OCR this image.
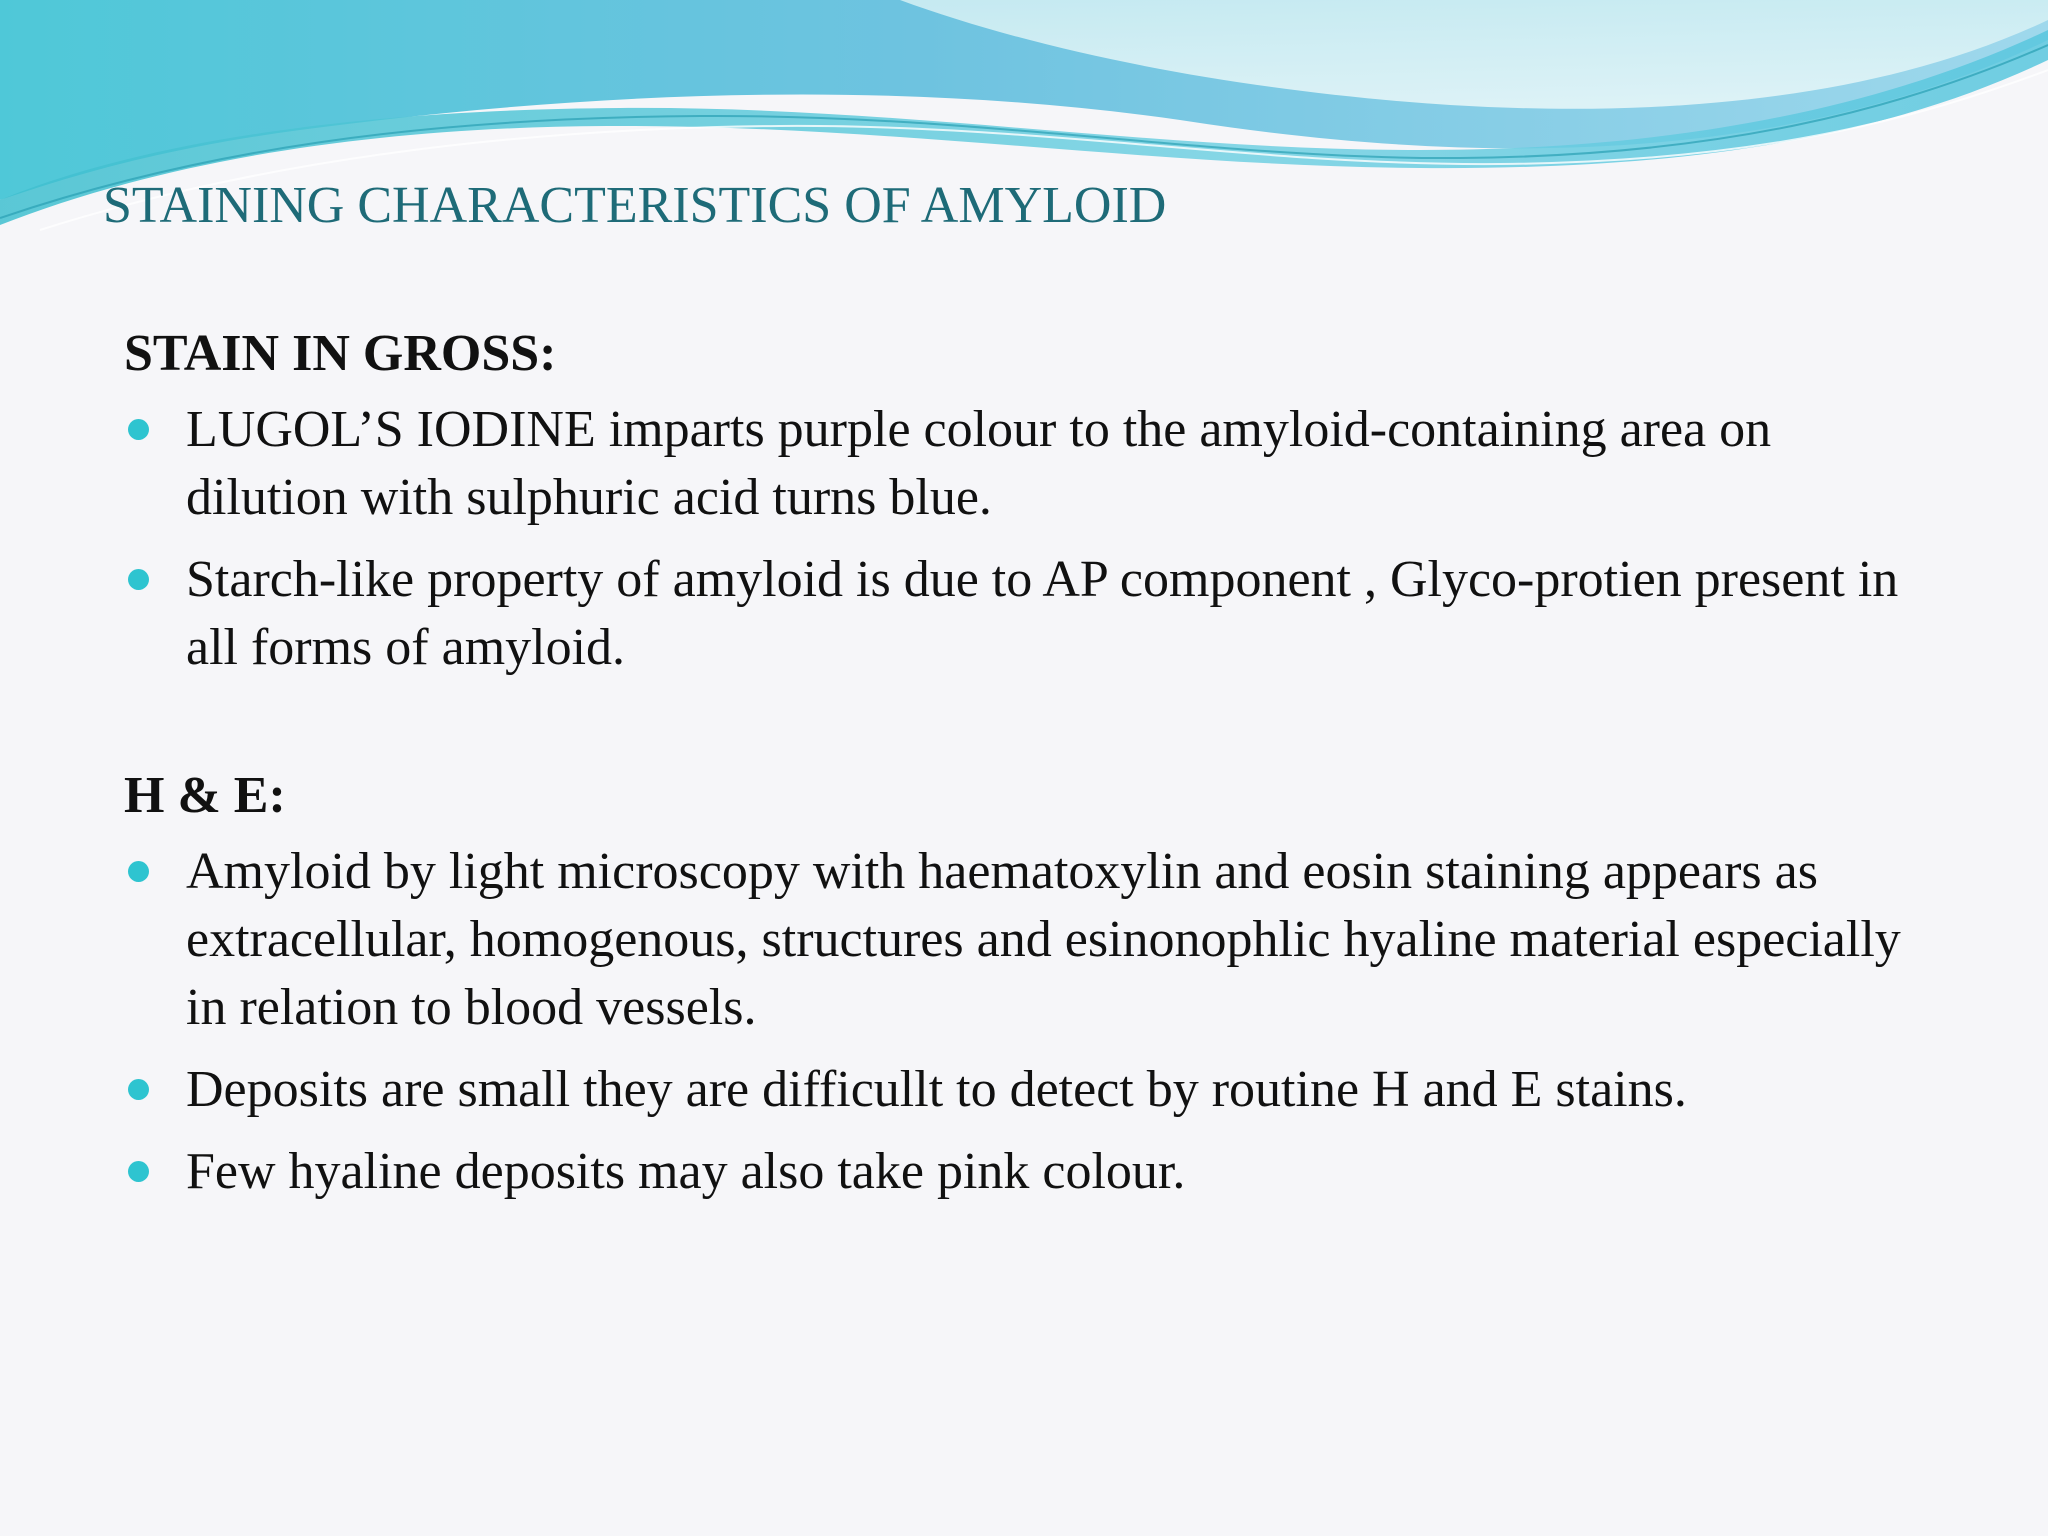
STAINING CHARACTERISTICS OF AMYLOID
STAIN IN GROSS:
LUGOL’S IODINE imparts purple colour to the amyloid-containing area on dilution with sulphuric acid turns blue.
Starch-like property of amyloid is due to AP component , Glyco-protien present in all forms of amyloid.
H & E:
Amyloid by light microscopy with haematoxylin and eosin staining appears as extracellular, homogenous, structures and esinonophlic hyaline material especially in relation to blood vessels.
Deposits are small they are difficullt to detect by routine H and E stains.
Few hyaline deposits may also take pink colour.
